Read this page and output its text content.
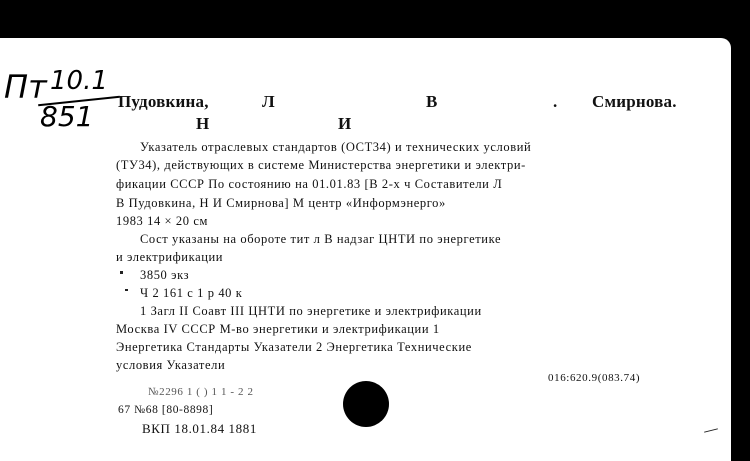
Пт 10.1
851 Пудовкина,	Л	В	. Смирнова.
Н	И
Указатель отраслевых стандартов (ОСТ34) и технических условий
(ТУ34), действующих в системе Министерства энергетики и электри-
фикации СССР По состоянию на 01.01.83 [В 2-х ч Составители Л
В Пудовкина, Н И Смирнова] М центр «Информэнерго»
1983 14 × 20 см
Сост указаны на обороте тит л В надзаг ЦНТИ по энергетике
и электрификации
3850 экз
Ч 2 161 с 1 р 40 к
1 Загл II Соавт III ЦНТИ по энергетике и электрификации
Москва IV СССР М-во энергетики и электрификации 1
Энергетика Стандарты Указатели 2 Энергетика Технические
условия Указатели
016:620.9(083.74)
№2296 1 ( ) 1 1 - 2 2
67 №68 [80-8898]
ВКП 18.01.84 1881
